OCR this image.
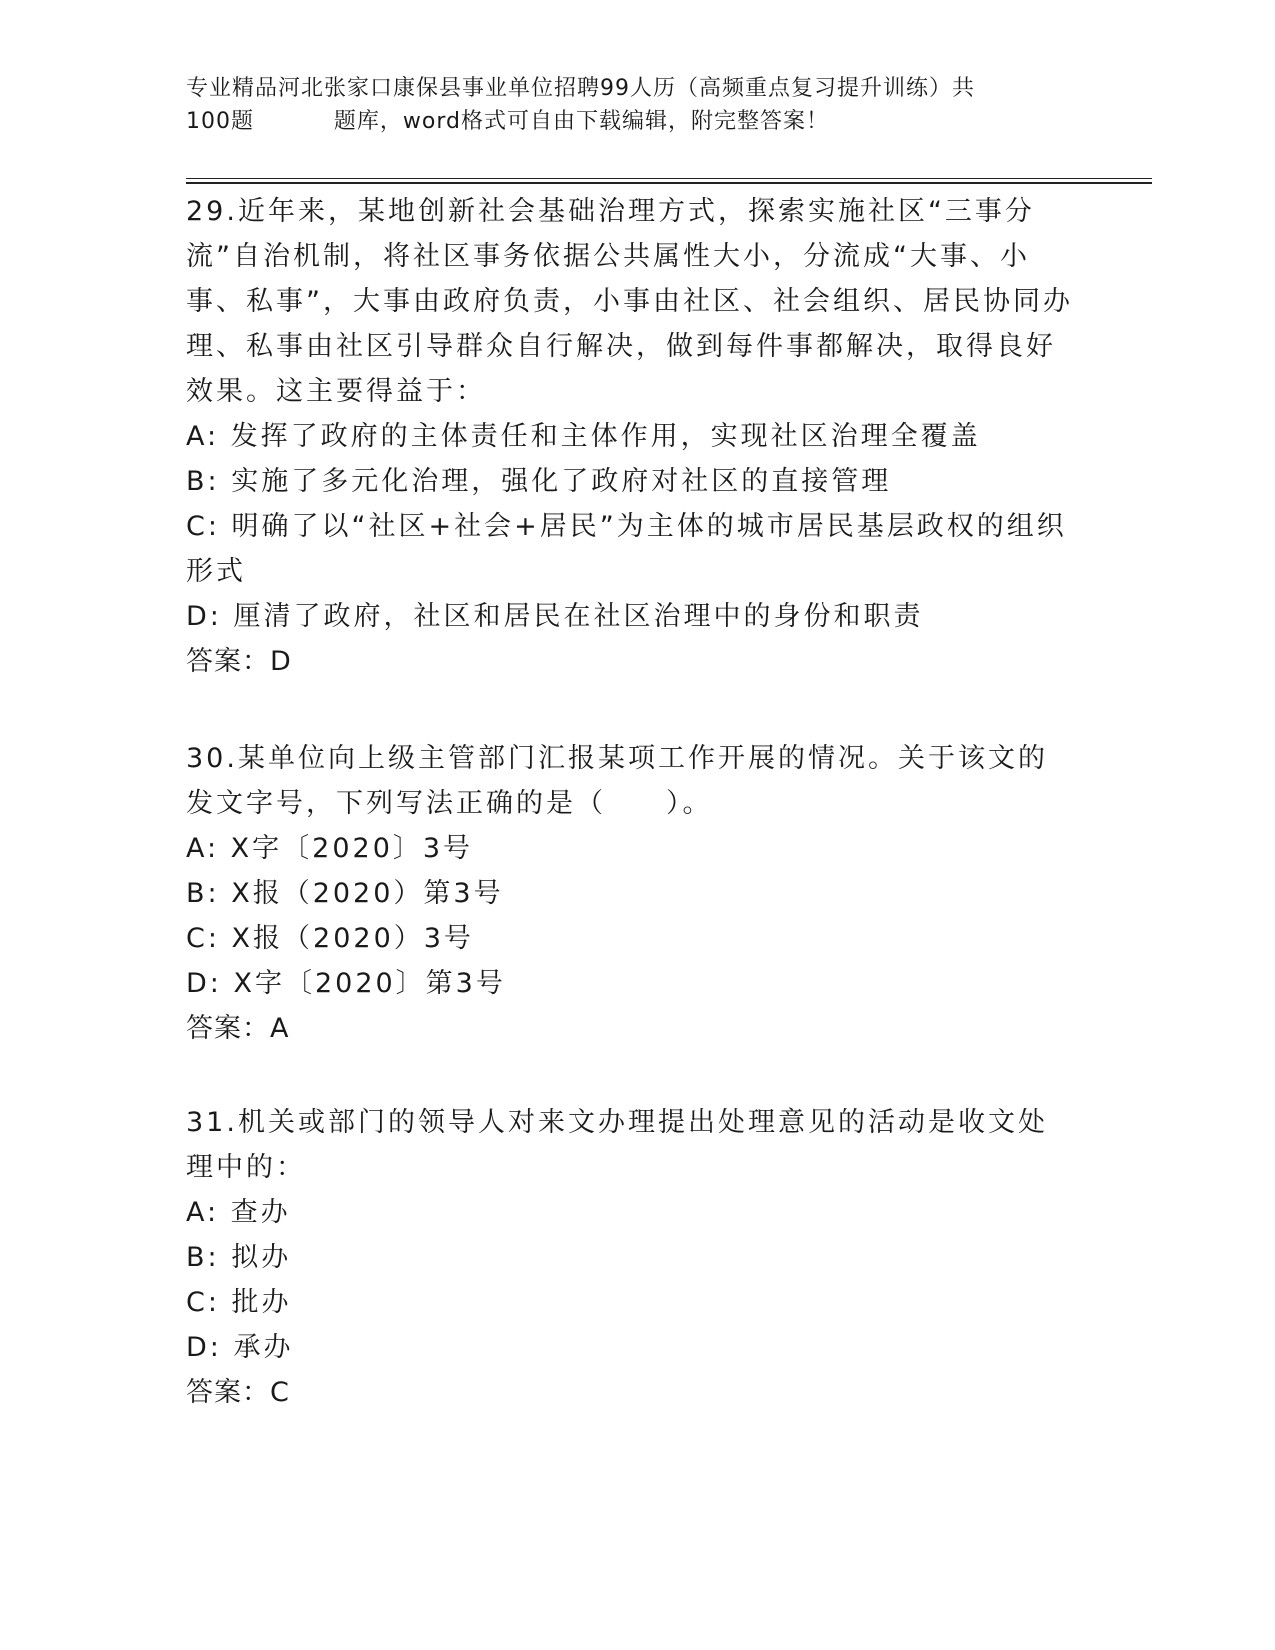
专业精品河北张家口康保县事业单位招聘99人历（高频重点复习提升训练）共
100题          题库，word格式可自由下载编辑，附完整答案！

29.近年来，某地创新社会基础治理方式，探索实施社区“三事分流”自治机制，将社区事务依据公共属性大小，分流成“大事、小事、私事”，大事由政府负责，小事由社区、社会组织、居民协同办理、私事由社区引导群众自行解决，做到每件事都解决，取得良好效果。这主要得益于：

A: 发挥了政府的主体责任和主体作用，实现社区治理全覆盖

B: 实施了多元化治理，强化了政府对社区的直接管理

C: 明确了以“社区+社会+居民”为主体的城市居民基层政权的组织形式

D: 厘清了政府，社区和居民在社区治理中的身份和职责

答案：D

30.某单位向上级主管部门汇报某项工作开展的情况。关于该文的发文字号，下列写法正确的是（　　）。

A: X字〔2020〕3号

B: X报（2020）第3号

C: X报（2020）3号

D: X字〔2020〕第3号

答案：A

31.机关或部门的领导人对来文办理提出处理意见的活动是收文处理中的：

A: 查办

B: 拟办

C: 批办

D: 承办

答案：C
